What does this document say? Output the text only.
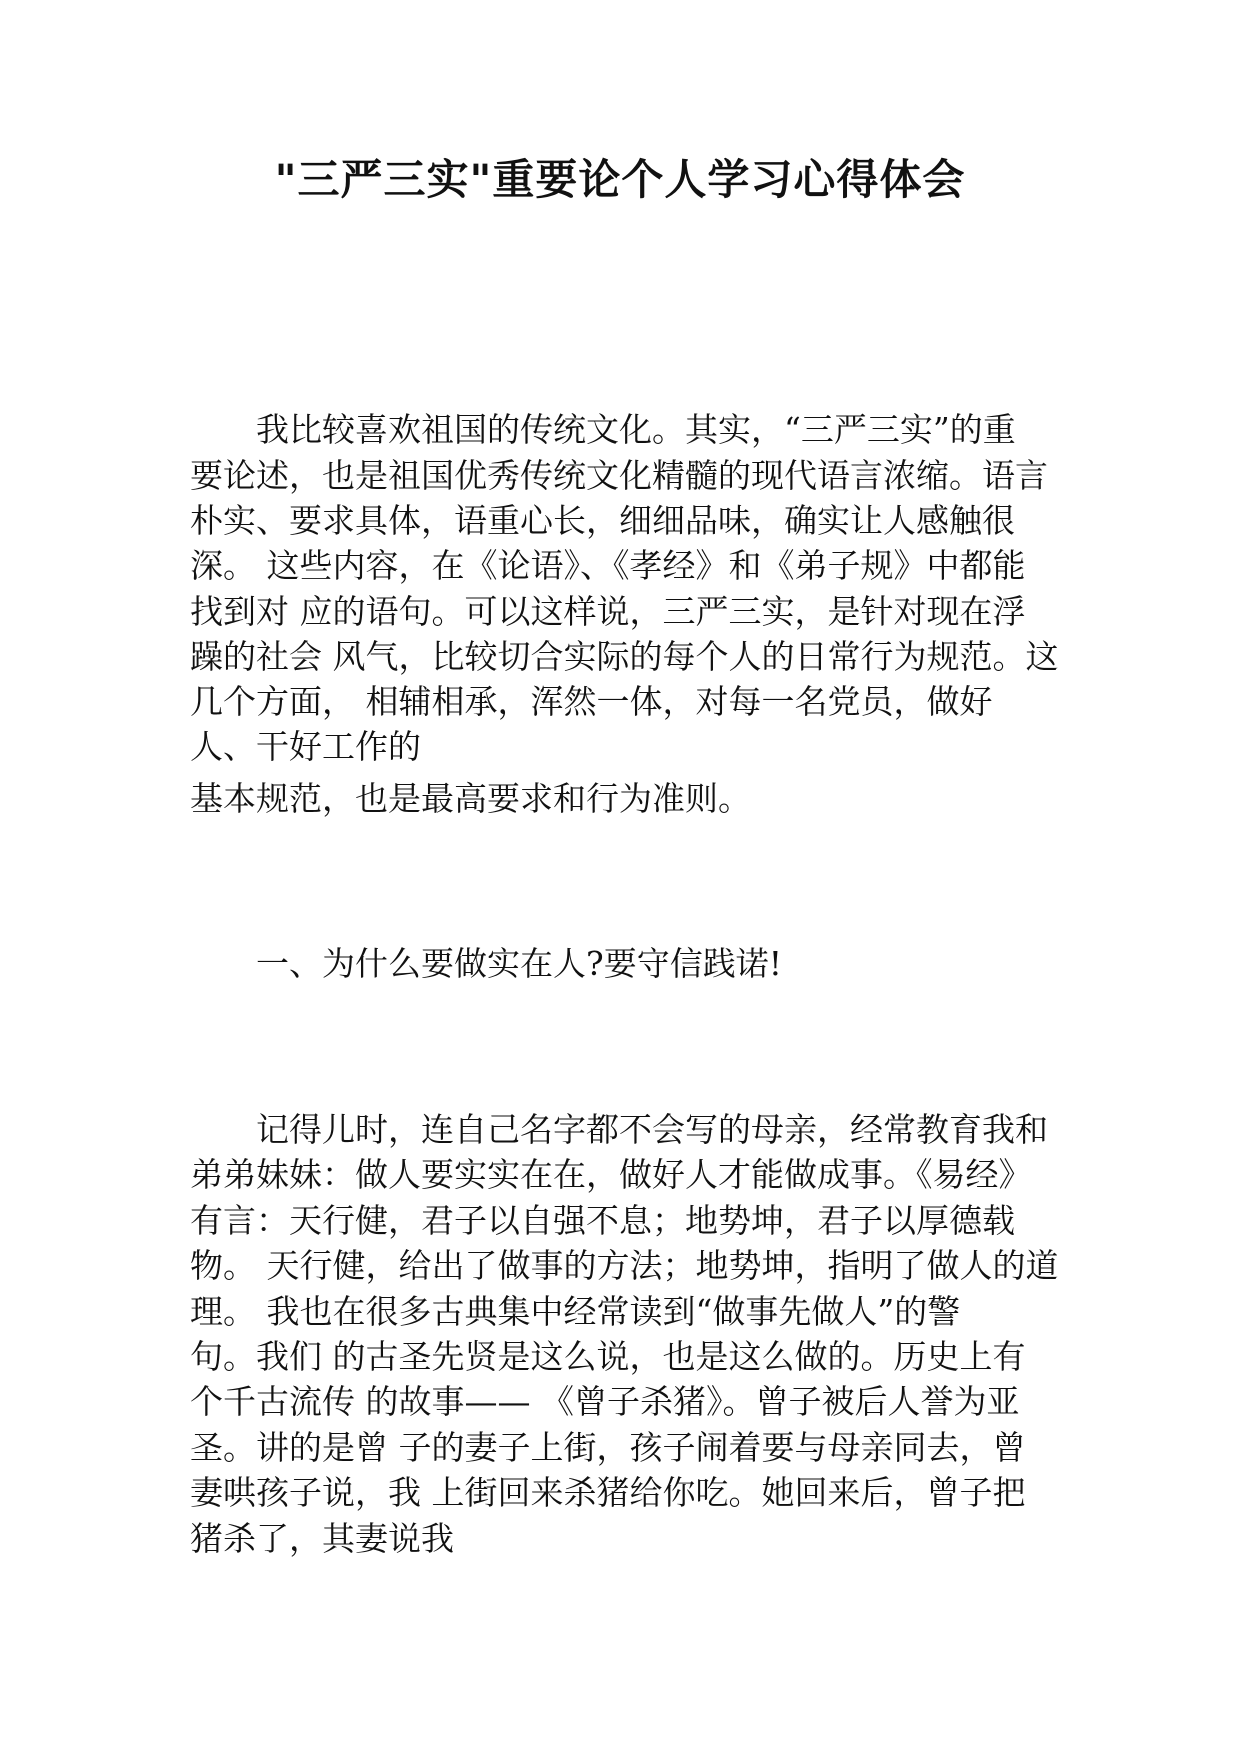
"三严三实"重要论个人学习心得体会
我比较喜欢祖国的传统文化。其实，“三严三实”的重
要论述，也是祖国优秀传统文化精髓的现代语言浓缩。语言
朴实、要求具体，语重心长，细细品味，确实让人感触很
深。 这些内容，在《论语》、《孝经》和《弟子规》中都能
找到对 应的语句。可以这样说，三严三实，是针对现在浮
躁的社会 风气，比较切合实际的每个人的日常行为规范。这
几个方面， 相辅相承，浑然一体，对每一名党员，做好
人、干好工作的
基本规范，也是最高要求和行为准则。
一、为什么要做实在人?要守信践诺!
记得儿时，连自己名字都不会写的母亲，经常教育我和
弟弟妹妹：做人要实实在在，做好人才能做成事。《易经》
有言：天行健，君子以自强不息；地势坤，君子以厚德载
物。 天行健，给出了做事的方法；地势坤，指明了做人的道
理。 我也在很多古典集中经常读到“做事先做人”的警
句。我们 的古圣先贤是这么说，也是这么做的。历史上有
个千古流传 的故事—— 《曾子杀猪》。曾子被后人誉为亚
圣。讲的是曾 子的妻子上街，孩子闹着要与母亲同去，曾
妻哄孩子说，我 上街回来杀猪给你吃。她回来后，曾子把
猪杀了，其妻说我
